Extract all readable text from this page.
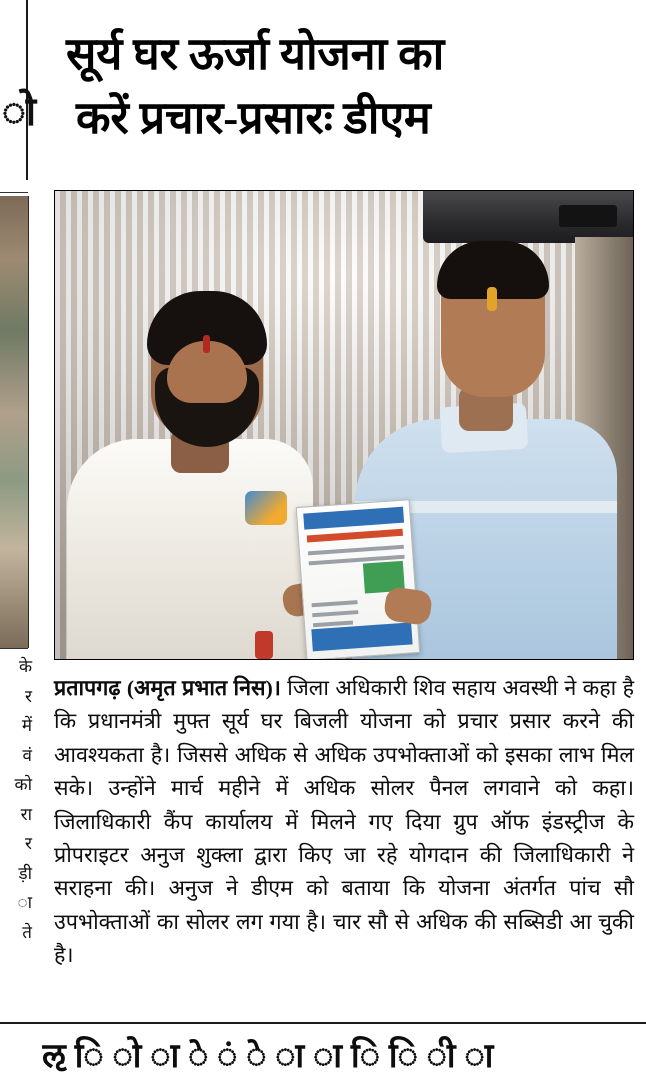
ो
के
र
में
वं
को
रा
र
ड़ी
ा
ते
सूर्य घर ऊर्जा योजना का
करें प्रचार-प्रसारः डीएम

प्रतापगढ़ (अमृत प्रभात निस)। जिला अधिकारी शिव सहाय अवस्थी ने कहा है कि प्रधानमंत्री मुफ्त सूर्य घर बिजली योजना को प्रचार प्रसार करने की आवश्यकता है। जिससे अधिक से अधिक उपभोक्ताओं को इसका लाभ मिल सके। उन्होंने मार्च महीने में अधिक सोलर पैनल लगवाने को कहा। जिलाधिकारी कैंप कार्यालय में मिलने गए दिया ग्रुप ऑफ इंडस्ट्रीज के प्रोपराइटर अनुज शुक्ला द्वारा किए जा रहे योगदान की जिलाधिकारी ने सराहना की। अनुज ने डीएम को बताया कि योजना अंतर्गत पांच सौ उपभोक्ताओं का सोलर लग गया है। चार सौ से अधिक की सब्सिडी आ चुकी है।

ऌ ि ो ा े ं े ा ा ि ि ी ा
